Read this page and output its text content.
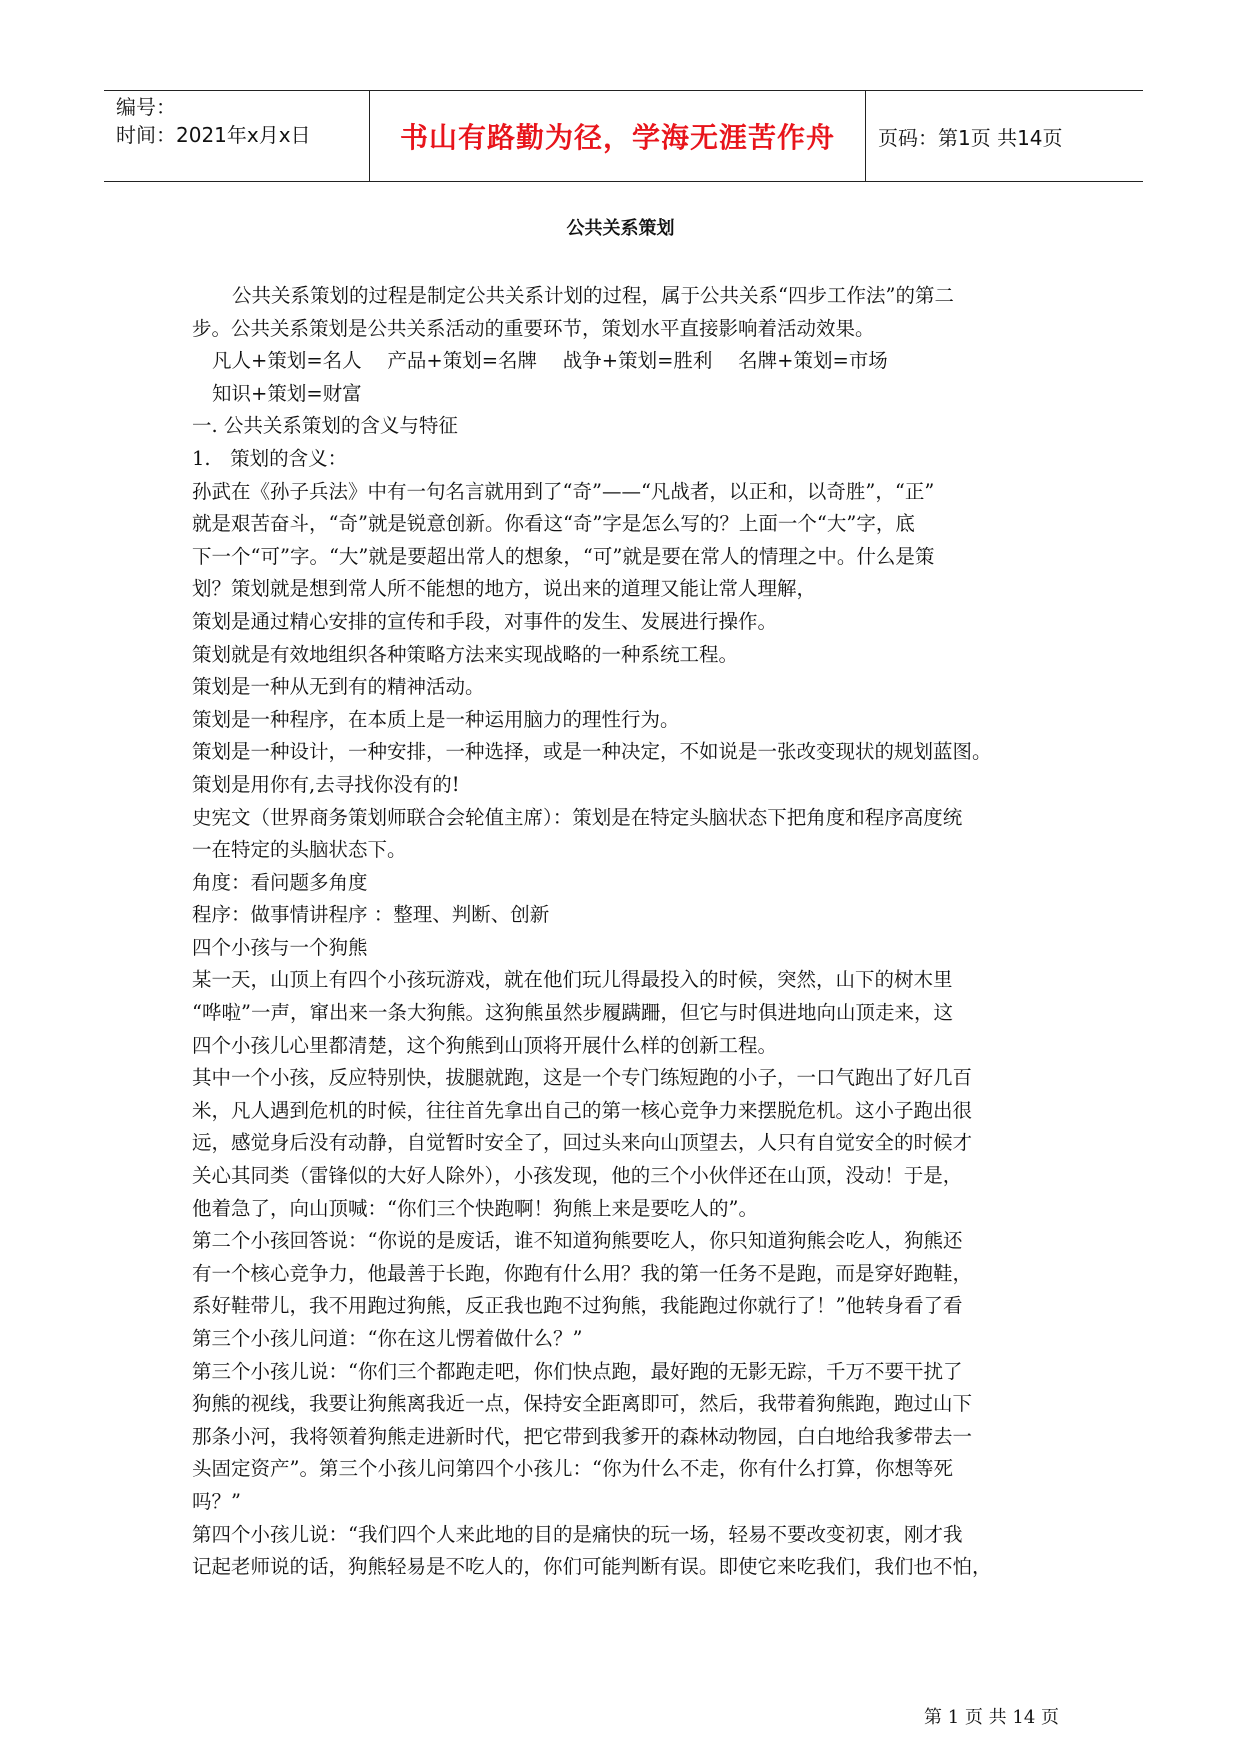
编号：
时间：2021年x月x日	书山有路勤为径，学海无涯苦作舟 页码：第1页 共14页
公共关系策划

公共关系策划的过程是制定公共关系计划的过程，属于公共关系“四步工作法”的第二

步。公共关系策划是公共关系活动的重要环节，策划水平直接影响着活动效果。

凡人+策划=名人　 产品+策划=名牌　 战争+策划=胜利　 名牌+策划=市场

知识+策划=财富

一. 公共关系策划的含义与特征

1.　策划的含义：

孙武在《孙子兵法》中有一句名言就用到了“奇”——“凡战者，以正和，以奇胜”，“正”

就是艰苦奋斗，“奇”就是锐意创新。你看这“奇”字是怎么写的？上面一个“大”字，底

下一个“可”字。“大”就是要超出常人的想象，“可”就是要在常人的情理之中。什么是策

划？策划就是想到常人所不能想的地方，说出来的道理又能让常人理解，

策划是通过精心安排的宣传和手段，对事件的发生、发展进行操作。

策划就是有效地组织各种策略方法来实现战略的一种系统工程。

策划是一种从无到有的精神活动。

策划是一种程序，在本质上是一种运用脑力的理性行为。

策划是一种设计，一种安排，一种选择，或是一种决定，不如说是一张改变现状的规划蓝图。

策划是用你有,去寻找你没有的!

史宪文（世界商务策划师联合会轮值主席）：策划是在特定头脑状态下把角度和程序高度统

一在特定的头脑状态下。

角度：看问题多角度

程序：做事情讲程序 ：整理、判断、创新

四个小孩与一个狗熊

某一天，山顶上有四个小孩玩游戏，就在他们玩儿得最投入的时候，突然，山下的树木里

“哗啦”一声，窜出来一条大狗熊。这狗熊虽然步履蹒跚，但它与时俱进地向山顶走来，这

四个小孩儿心里都清楚，这个狗熊到山顶将开展什么样的创新工程。

其中一个小孩，反应特别快，拔腿就跑，这是一个专门练短跑的小子，一口气跑出了好几百

米，凡人遇到危机的时候，往往首先拿出自己的第一核心竞争力来摆脱危机。这小子跑出很

远，感觉身后没有动静，自觉暂时安全了，回过头来向山顶望去，人只有自觉安全的时候才

关心其同类（雷锋似的大好人除外），小孩发现，他的三个小伙伴还在山顶，没动！于是，

他着急了，向山顶喊：“你们三个快跑啊！狗熊上来是要吃人的”。

第二个小孩回答说：“你说的是废话，谁不知道狗熊要吃人，你只知道狗熊会吃人，狗熊还

有一个核心竞争力，他最善于长跑，你跑有什么用？我的第一任务不是跑，而是穿好跑鞋，

系好鞋带儿，我不用跑过狗熊，反正我也跑不过狗熊，我能跑过你就行了！”他转身看了看

第三个小孩儿问道：“你在这儿愣着做什么？”

第三个小孩儿说：“你们三个都跑走吧，你们快点跑，最好跑的无影无踪，千万不要干扰了

狗熊的视线，我要让狗熊离我近一点，保持安全距离即可，然后，我带着狗熊跑，跑过山下

那条小河，我将领着狗熊走进新时代，把它带到我爹开的森林动物园，白白地给我爹带去一

头固定资产”。第三个小孩儿问第四个小孩儿：“你为什么不走，你有什么打算，你想等死

吗？”

第四个小孩儿说：“我们四个人来此地的目的是痛快的玩一场，轻易不要改变初衷，刚才我

记起老师说的话，狗熊轻易是不吃人的，你们可能判断有误。即使它来吃我们，我们也不怕，

第 1 页 共 14 页
